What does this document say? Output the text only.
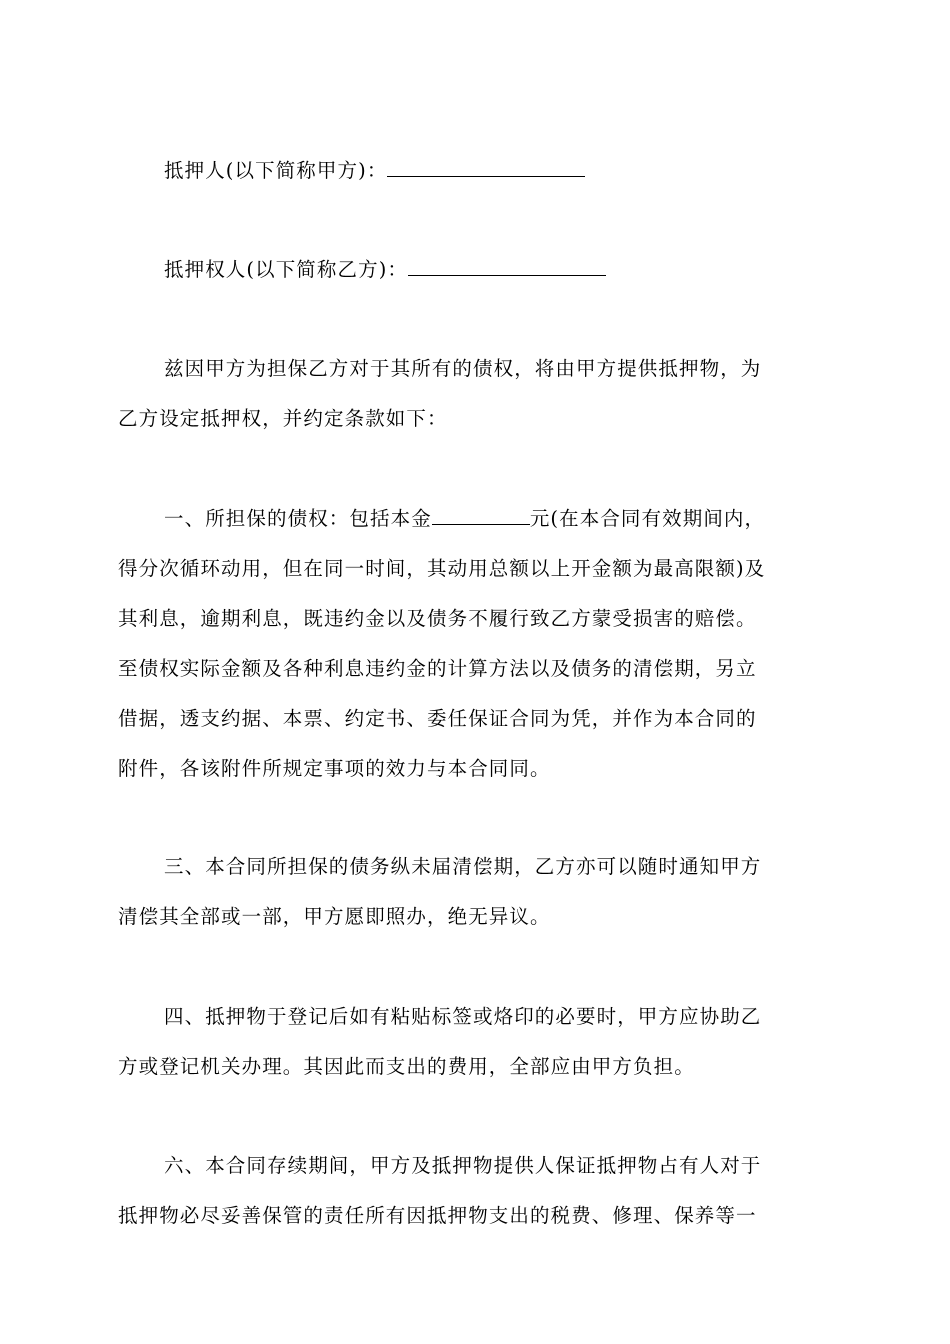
抵押人(以下简称甲方)：

抵押权人(以下简称乙方)：

兹因甲方为担保乙方对于其所有的债权，将由甲方提供抵押物，为
乙方设定抵押权，并约定条款如下：

一、所担保的债权：包括本金	元(在本合同有效期间内，
得分次循环动用，但在同一时间，其动用总额以上开金额为最高限额)及
其利息，逾期利息，既违约金以及债务不履行致乙方蒙受损害的赔偿。
至债权实际金额及各种利息违约金的计算方法以及债务的清偿期，另立
借据，透支约据、本票、约定书、委任保证合同为凭，并作为本合同的
附件，各该附件所规定事项的效力与本合同同。

三、本合同所担保的债务纵未届清偿期，乙方亦可以随时通知甲方
清偿其全部或一部，甲方愿即照办，绝无异议。

四、抵押物于登记后如有粘贴标签或烙印的必要时，甲方应协助乙
方或登记机关办理。其因此而支出的费用，全部应由甲方负担。

六、本合同存续期间，甲方及抵押物提供人保证抵押物占有人对于
抵押物必尽妥善保管的责任所有因抵押物支出的税费、修理、保养等一
